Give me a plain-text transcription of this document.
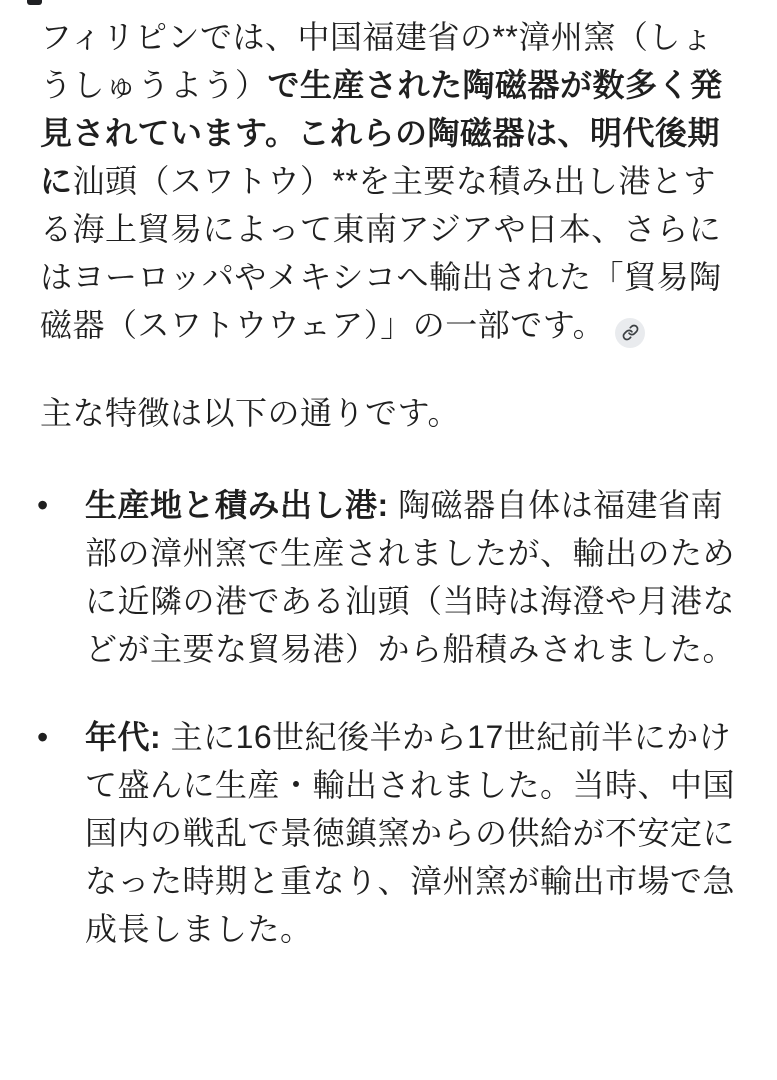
フィリピンでは、中国福建省の**漳州窯（しょうしゅうよう）で生産された陶磁器が数多く発見されています。これらの陶磁器は、明代後期に汕頭（スワトウ）**を主要な積み出し港とする海上貿易によって東南アジアや日本、さらにはヨーロッパやメキシコへ輸出された「貿易陶磁器（スワトウウェア）」の一部です。

主な特徴は以下の通りです。

•	生産地と積み出し港: 陶磁器自体は福建省南部の漳州窯で生産されましたが、輸出のために近隣の港である汕頭（当時は海澄や月港などが主要な貿易港）から船積みされました。
•	年代: 主に16世紀後半から17世紀前半にかけて盛んに生産・輸出されました。当時、中国国内の戦乱で景徳鎮窯からの供給が不安定になった時期と重なり、漳州窯が輸出市場で急成長しました。
